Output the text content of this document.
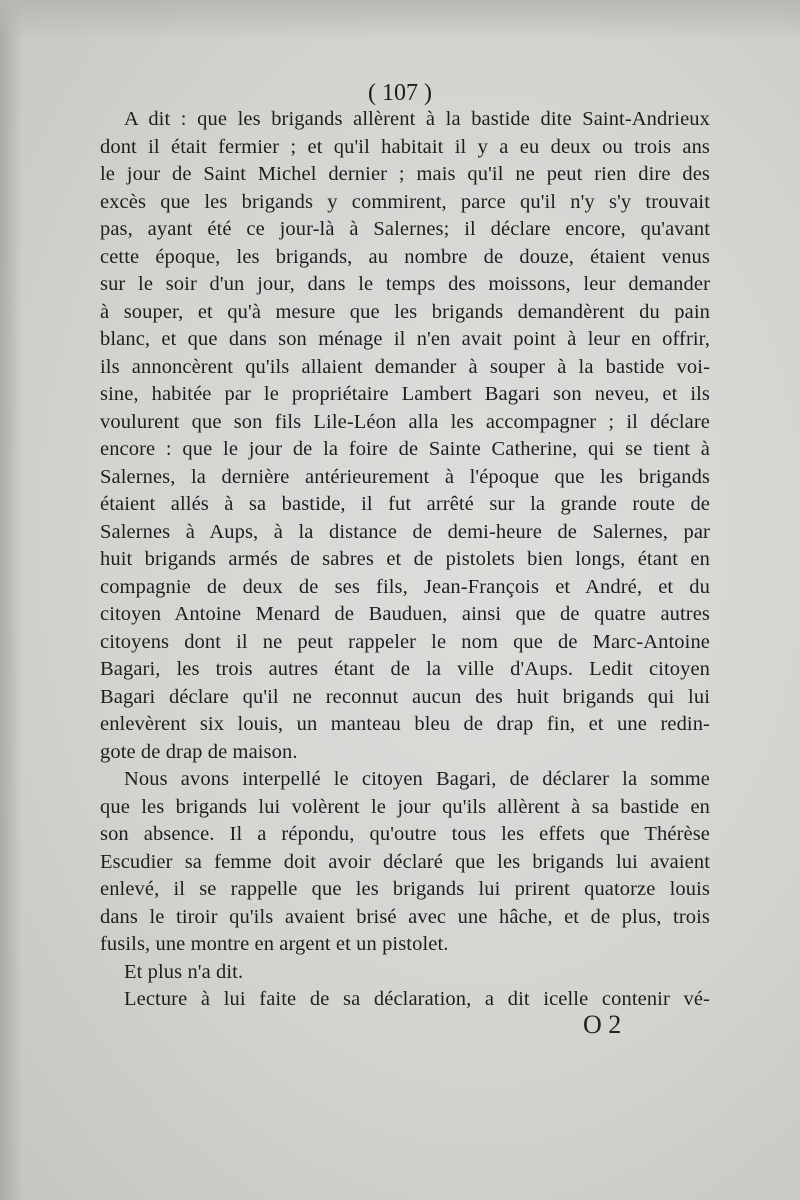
( 107 )
A dit : que les brigands allèrent à la bastide dite Saint-Andrieux
dont il était fermier ; et qu'il habitait il y a eu deux ou trois ans
le jour de Saint Michel dernier ; mais qu'il ne peut rien dire des
excès que les brigands y commirent, parce qu'il n'y s'y trouvait
pas, ayant été ce jour-là à Salernes; il déclare encore, qu'avant
cette époque, les brigands, au nombre de douze, étaient venus
sur le soir d'un jour, dans le temps des moissons, leur demander
à souper, et qu'à mesure que les brigands demandèrent du pain
blanc, et que dans son ménage il n'en avait point à leur en offrir,
ils annoncèrent qu'ils allaient demander à souper à la bastide voi-
sine, habitée par le propriétaire Lambert Bagari son neveu, et ils
voulurent que son fils Lile-Léon alla les accompagner ; il déclare
encore : que le jour de la foire de Sainte Catherine, qui se tient à
Salernes, la dernière antérieurement à l'époque que les brigands
étaient allés à sa bastide, il fut arrêté sur la grande route de
Salernes à Aups, à la distance de demi-heure de Salernes, par
huit brigands armés de sabres et de pistolets bien longs, étant en
compagnie de deux de ses fils, Jean-François et André, et du
citoyen Antoine Menard de Bauduen, ainsi que de quatre autres
citoyens dont il ne peut rappeler le nom que de Marc-Antoine
Bagari, les trois autres étant de la ville d'Aups. Ledit citoyen
Bagari déclare qu'il ne reconnut aucun des huit brigands qui lui
enlevèrent six louis, un manteau bleu de drap fin, et une redin-
gote de drap de maison.
Nous avons interpellé le citoyen Bagari, de déclarer la somme
que les brigands lui volèrent le jour qu'ils allèrent à sa bastide en
son absence. Il a répondu, qu'outre tous les effets que Thérèse
Escudier sa femme doit avoir déclaré que les brigands lui avaient
enlevé, il se rappelle que les brigands lui prirent quatorze louis
dans le tiroir qu'ils avaient brisé avec une hâche, et de plus, trois
fusils, une montre en argent et un pistolet.
Et plus n'a dit.
Lecture à lui faite de sa déclaration, a dit icelle contenir vé-
O 2
